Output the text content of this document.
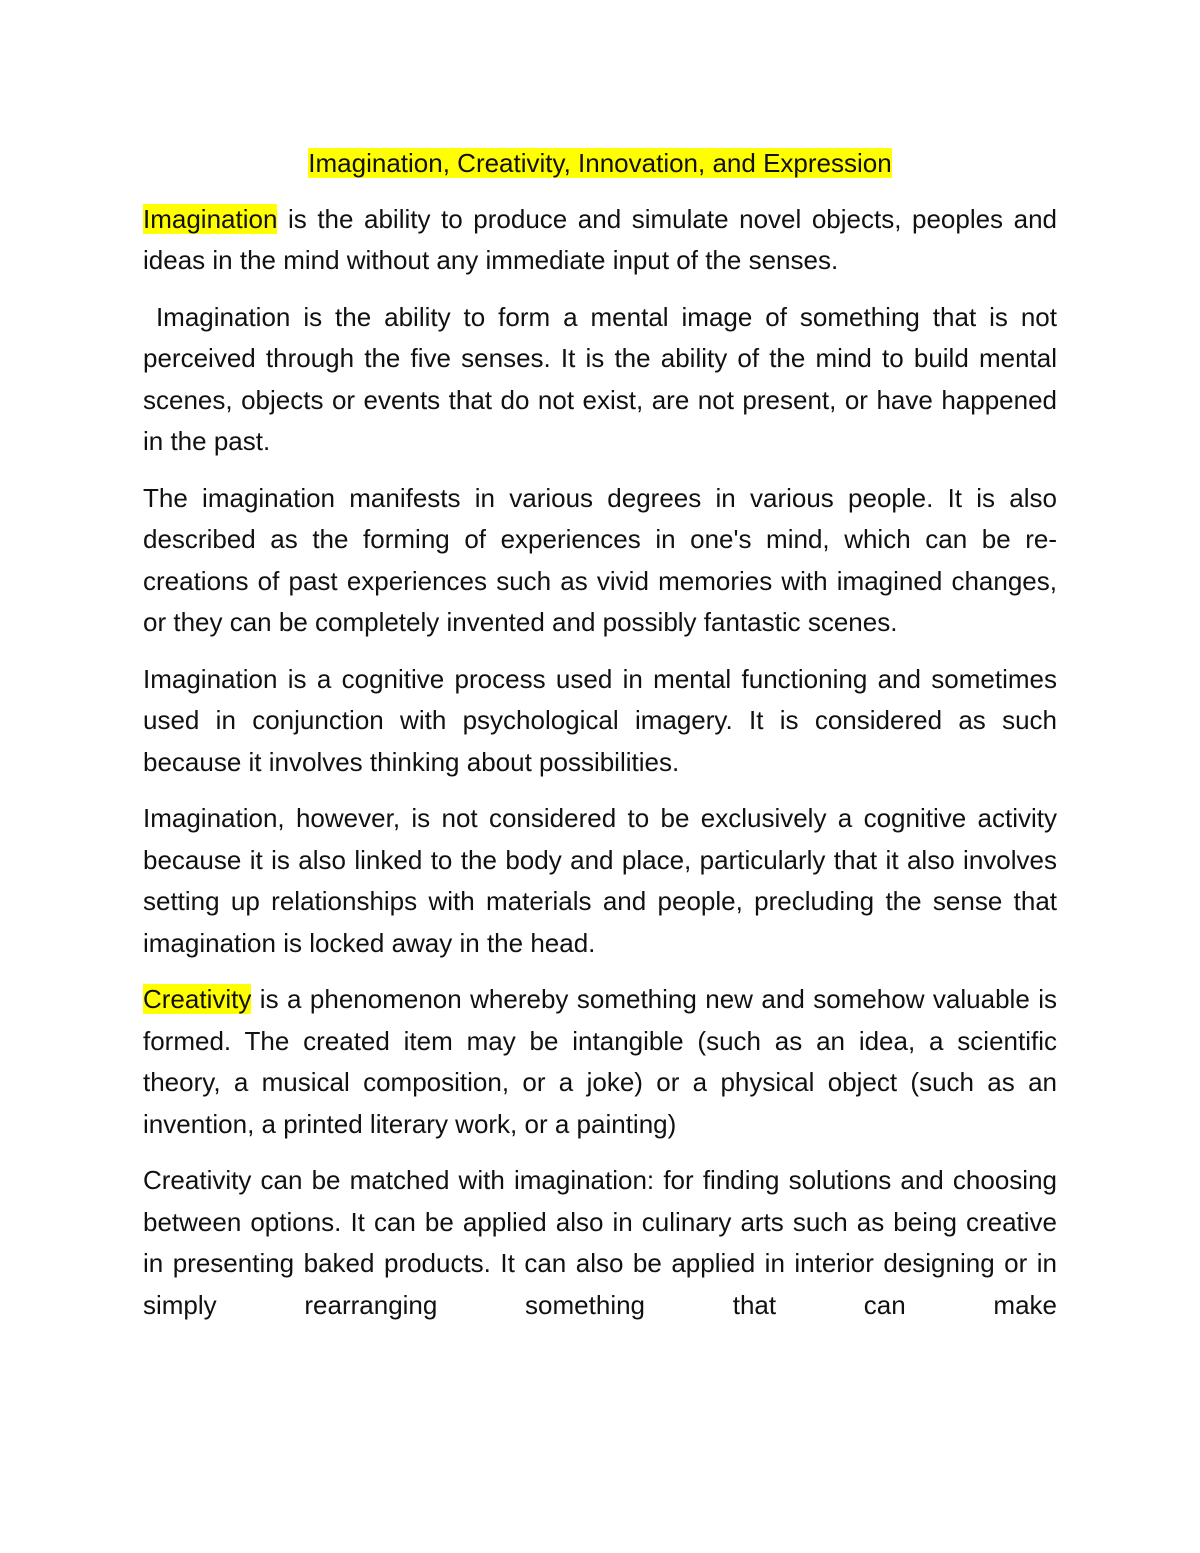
Imagination, Creativity, Innovation, and Expression

Imagination is the ability to produce and simulate novel objects, peoples and ideas in the mind without any immediate input of the senses.

Imagination is the ability to form a mental image of something that is not perceived through the five senses. It is the ability of the mind to build mental scenes, objects or events that do not exist, are not present, or have happened in the past.

The imagination manifests in various degrees in various people. It is also described as the forming of experiences in one's mind, which can be re-creations of past experiences such as vivid memories with imagined changes, or they can be completely invented and possibly fantastic scenes.

Imagination is a cognitive process used in mental functioning and sometimes used in conjunction with psychological imagery. It is considered as such because it involves thinking about possibilities.

Imagination, however, is not considered to be exclusively a cognitive activity because it is also linked to the body and place, particularly that it also involves setting up relationships with materials and people, precluding the sense that imagination is locked away in the head.

Creativity is a phenomenon whereby something new and somehow valuable is formed. The created item may be intangible (such as an idea, a scientific theory, a musical composition, or a joke) or a physical object (such as an invention, a printed literary work, or a painting)

Creativity can be matched with imagination: for finding solutions and choosing between options. It can be applied also in culinary arts such as being creative in presenting baked products. It can also be applied in interior designing or in simply rearranging something that can make
